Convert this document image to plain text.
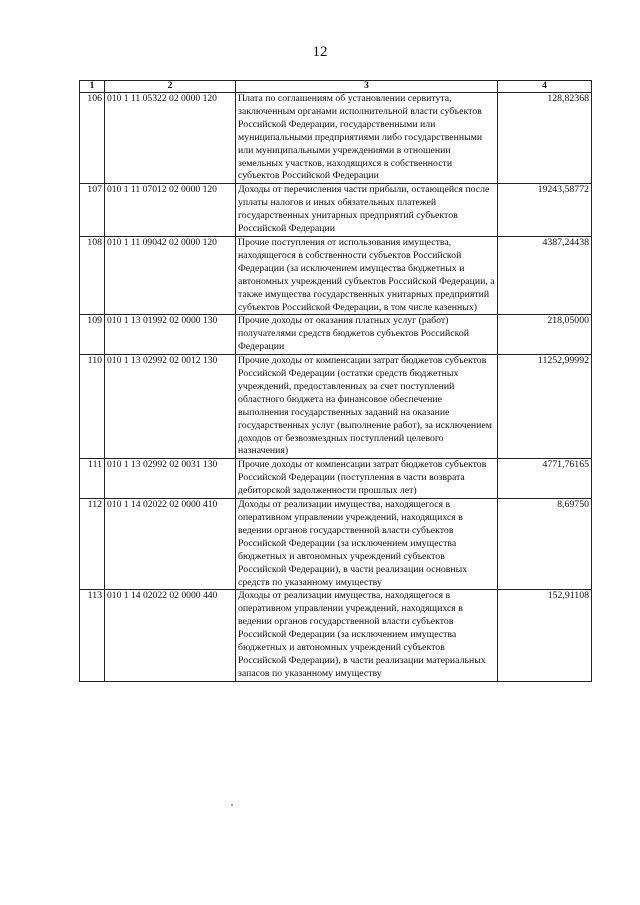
12
1	2	3	4
106	010 1 11 05322 02 0000 120	Плата по соглашениям об установлении сервитута, заключенным органами исполнительной власти субъектов Российской Федерации, государственными или муниципальными предприятиями либо государственными или муниципальными учреждениями в отношении земельных участков, находящихся в собственности субъектов Российской Федерации	128,82368
107	010 1 11 07012 02 0000 120	Доходы от перечисления части прибыли, остающейся после уплаты налогов и иных обязательных платежей государственных унитарных предприятий субъектов Российской Федерации	19243,58772
108	010 1 11 09042 02 0000 120	Прочие поступления от использования имущества, находящегося в собственности субъектов Российской Федерации (за исключением имущества бюджетных и автономных учреждений субъектов Российской Федерации, а также имущества государственных унитарных предприятий субъектов Российской Федерации, в том числе казенных)	4387,24438
109	010 1 13 01992 02 0000 130	Прочие доходы от оказания платных услуг (работ) получателями средств бюджетов субъектов Российской Федерации	218,05000
110	010 1 13 02992 02 0012 130	Прочие доходы от компенсации затрат бюджетов субъектов Российской Федерации (остатки средств бюджетных учреждений, предоставленных за счет поступлений областного бюджета на финансовое обеспечение выполнения государственных заданий на оказание государственных услуг (выполнение работ), за исключением доходов от безвозмездных поступлений целевого назначения)	11252,99992
111	010 1 13 02992 02 0031 130	Прочие доходы от компенсации затрат бюджетов субъектов Российской Федерации (поступления в части возврата дебиторской задолженности прошлых лет)	4771,76165
112	010 1 14 02022 02 0000 410	Доходы от реализации имущества, находящегося в оперативном управлении учреждений, находящихся в ведении органов государственной власти субъектов Российской Федерации (за исключением имущества бюджетных и автономных учреждений субъектов Российской Федерации), в части реализации основных средств по указанному имуществу	8,69750
113	010 1 14 02022 02 0000 440	Доходы от реализации имущества, находящегося в оперативном управлении учреждений, находящихся в ведении органов государственной власти субъектов Российской Федерации (за исключением имущества бюджетных и автономных учреждений субъектов Российской Федерации), в части реализации материальных запасов по указанному имуществу	152,91108
